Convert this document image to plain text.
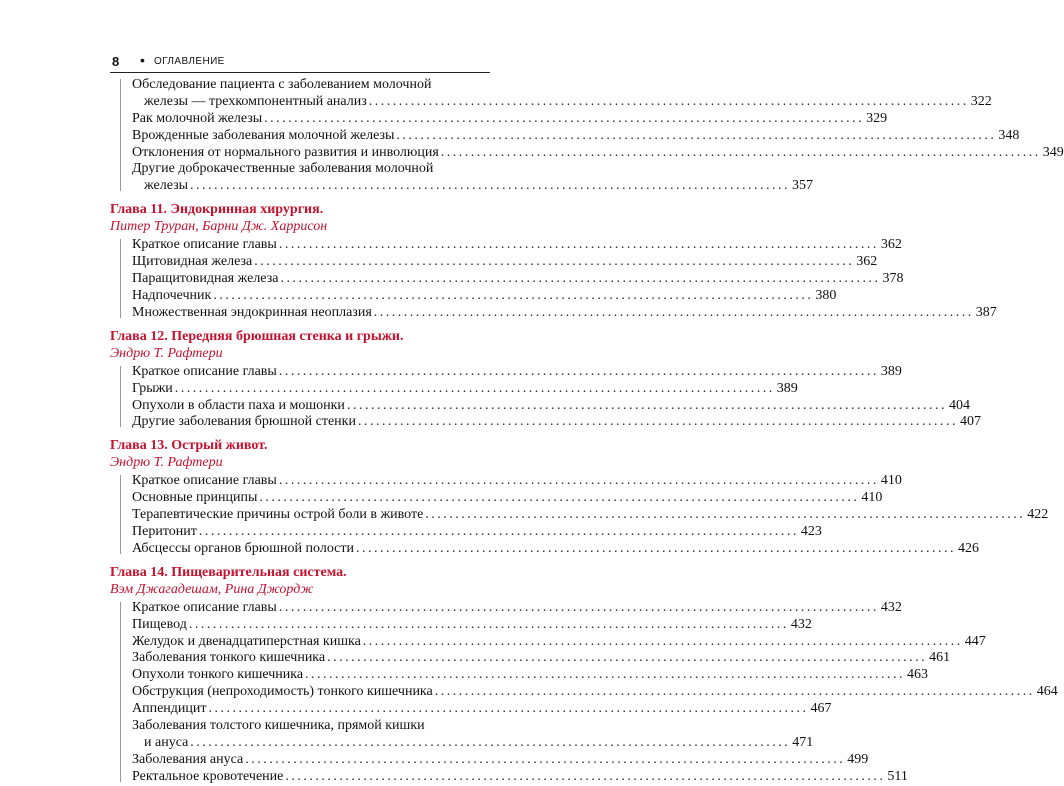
8 • ОГЛАВЛЕНИЕ
Обследование пациента с заболеванием молочной
железы — трехкомпонентный анализ .................................................................................................... 322
Рак молочной железы .................................................................................................... 329
Врожденные заболевания молочной железы .................................................................................................... 348
Отклонения от нормального развития и инволюция .................................................................................................... 349
Другие доброкачественные заболевания молочной
железы .................................................................................................... 357
Глава 11. Эндокринная хирургия.
Питер Труран, Барни Дж. Харрисон
Краткое описание главы .................................................................................................... 362
Щитовидная железа .................................................................................................... 362
Паращитовидная железа .................................................................................................... 378
Надпочечник .................................................................................................... 380
Множественная эндокринная неоплазия .................................................................................................... 387
Глава 12. Передняя брюшная стенка и грыжи.
Эндрю Т. Рафтери
Краткое описание главы .................................................................................................... 389
Грыжи .................................................................................................... 389
Опухоли в области паха и мошонки .................................................................................................... 404
Другие заболевания брюшной стенки .................................................................................................... 407
Глава 13. Острый живот.
Эндрю Т. Рафтери
Краткое описание главы .................................................................................................... 410
Основные принципы .................................................................................................... 410
Терапевтические причины острой боли в животе .................................................................................................... 422
Перитонит .................................................................................................... 423
Абсцессы органов брюшной полости .................................................................................................... 426
Глава 14. Пищеварительная система.
Вэм Джагадешам, Рина Джордж
Краткое описание главы .................................................................................................... 432
Пищевод .................................................................................................... 432
Желудок и двенадцатиперстная кишка .................................................................................................... 447
Заболевания тонкого кишечника .................................................................................................... 461
Опухоли тонкого кишечника .................................................................................................... 463
Обструкция (непроходимость) тонкого кишечника .................................................................................................... 464
Аппендицит .................................................................................................... 467
Заболевания толстого кишечника, прямой кишки
и ануса .................................................................................................... 471
Заболевания ануса .................................................................................................... 499
Ректальное кровотечение .................................................................................................... 511
